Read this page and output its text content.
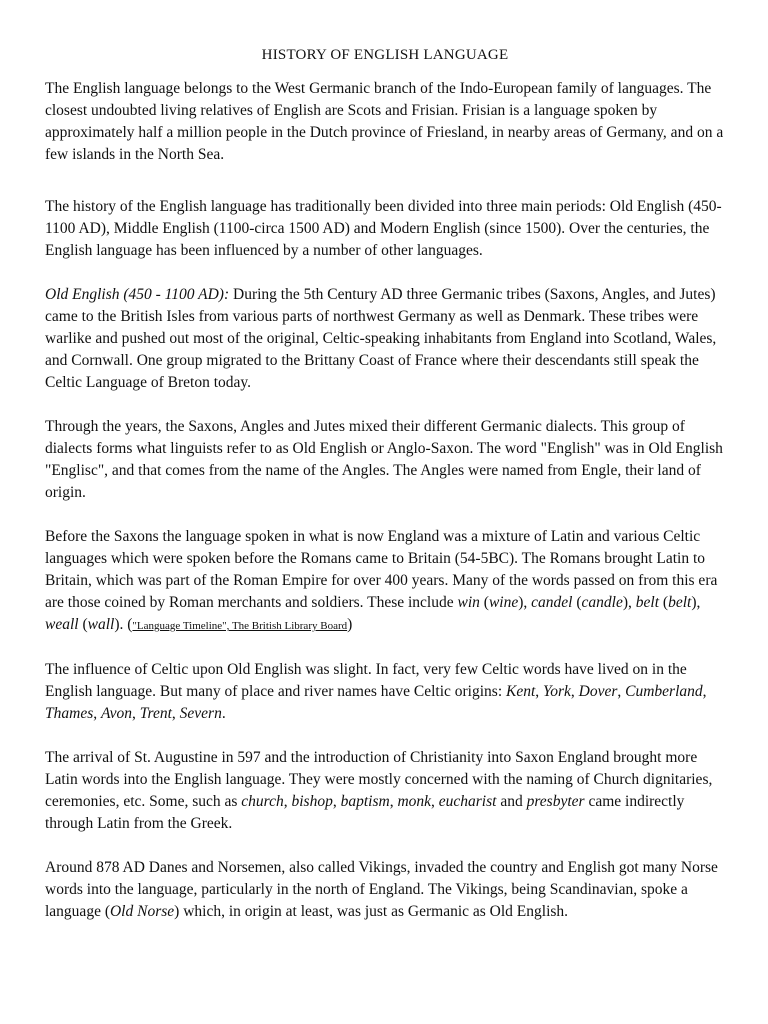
HISTORY OF ENGLISH LANGUAGE

The English language belongs to the West Germanic branch of the Indo-European family of languages. The closest undoubted living relatives of English are Scots and Frisian. Frisian is a language spoken by approximately half a million people in the Dutch province of Friesland, in nearby areas of Germany, and on a few islands in the North Sea.

The history of the English language has traditionally been divided into three main periods: Old English (450-1100 AD), Middle English (1100-circa 1500 AD) and Modern English (since 1500). Over the centuries, the English language has been influenced by a number of other languages.

Old English (450 - 1100 AD): During the 5th Century AD three Germanic tribes (Saxons, Angles, and Jutes) came to the British Isles from various parts of northwest Germany as well as Denmark. These tribes were warlike and pushed out most of the original, Celtic-speaking inhabitants from England into Scotland, Wales, and Cornwall. One group migrated to the Brittany Coast of France where their descendants still speak the Celtic Language of Breton today.

Through the years, the Saxons, Angles and Jutes mixed their different Germanic dialects. This group of dialects forms what linguists refer to as Old English or Anglo-Saxon. The word "English" was in Old English "Englisc", and that comes from the name of the Angles. The Angles were named from Engle, their land of origin.

Before the Saxons the language spoken in what is now England was a mixture of Latin and various Celtic languages which were spoken before the Romans came to Britain (54-5BC). The Romans brought Latin to Britain, which was part of the Roman Empire for over 400 years. Many of the words passed on from this era are those coined by Roman merchants and soldiers. These include win (wine), candel (candle), belt (belt), weall (wall). ("Language Timeline", The British Library Board)

The influence of Celtic upon Old English was slight. In fact, very few Celtic words have lived on in the English language. But many of place and river names have Celtic origins: Kent, York, Dover, Cumberland, Thames, Avon, Trent, Severn.

The arrival of St. Augustine in 597 and the introduction of Christianity into Saxon England brought more Latin words into the English language. They were mostly concerned with the naming of Church dignitaries, ceremonies, etc. Some, such as church, bishop, baptism, monk, eucharist and presbyter came indirectly through Latin from the Greek.

Around 878 AD Danes and Norsemen, also called Vikings, invaded the country and English got many Norse words into the language, particularly in the north of England. The Vikings, being Scandinavian, spoke a language (Old Norse) which, in origin at least, was just as Germanic as Old English.
